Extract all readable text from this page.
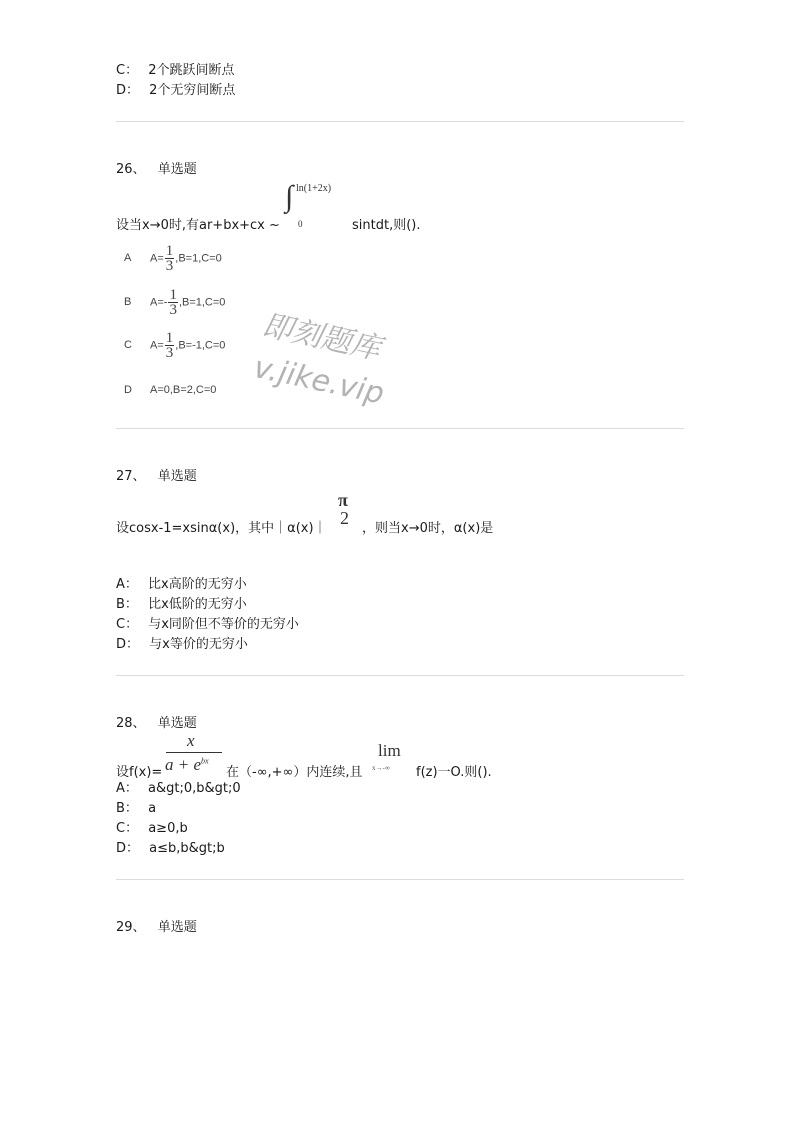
C： 2个跳跃间断点
D： 2个无穷间断点
26、 单选题
设当x→0时,有ar+bx+cx ~
∫ ln(1+2x)
0	sintdt,则().
A $A= \frac{1}{3} ,B=1,C=0$
B $A=- \frac{1}{3} ,B=1,C=0$
C $A= \frac{1}{3} ,B=-1,C=0$
D A=0,B=2,C=0
即刻题库
v.jike.vip
27、 单选题
设cosx-1=xsinα(x)，其中｜α(x)｜
π
2
，则当x→0时，α(x)是
A： 比x高阶的无穷小
B： 比x低阶的无穷小
C： 与x同阶但不等价的无穷小
D： 与x等价的无穷小
28、 单选题
设f(x)=
x
$a + e^{bx}$
在（-∞,+∞）内连续,且
lim
x→-∞ f(z)一O.则().
A： a&gt;0,b&gt;0
B： a
C： a≥0,b
D： a≤b,b&gt;b
29、 单选题
